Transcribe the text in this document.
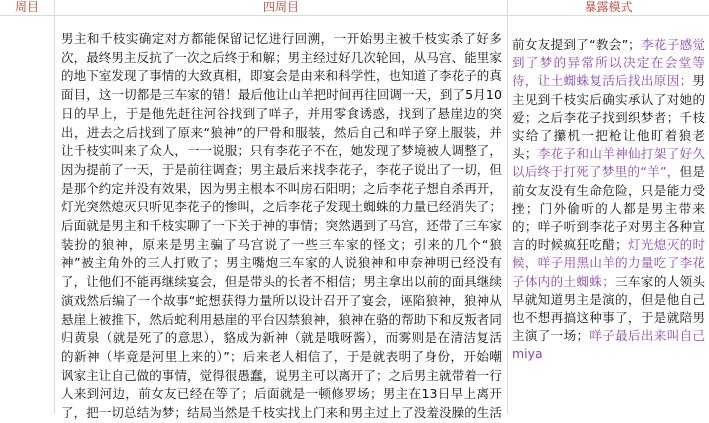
周目	四周目
男主和千枝实确定对方都能保留记忆进行回溯，一开始男主被千枝实杀了好多次，最终男主反抗了一次之后终于和解；男主经过好几次轮回，从马宫、能里家的地下室发现了事情的大致真相，即宴会是由来和科学性，也知道了李花子的真面目，这一切都是三车家的错！最后他让山羊把时间再往回调一天，到了5月10日的早上，于是他先赶往河谷找到了咩子，并用零食诱惑，找到了悬崖边的突出，进去之后找到了原来“狼神”的尸骨和服装，然后自己和咩子穿上服装，并让千枝实叫来了众人，一一说服；只有李花子不在，她发现了梦境被人调整了，因为提前了一天，于是前往调查；男主最后来找李花子，李花子说出了一切，但是那个约定并没有效果，因为男主根本不叫房石阳明；之后李花子想自杀再开，灯光突然熄灭只听见李花子的惨叫，之后李花子发现土蜘蛛的力量已经消失了；后面就是男主和千枝实聊了一下关于神的事情；突然遇到了马宫，还带了三车家装扮的狼神，原来是男主骗了马宫说了一些三车家的怪文；引来的几个“狼神”被主角外的三人打败了；男主嘴炮三车家的人说狼神和申奈神明已经没有了，让他们不能再继续宴会，但是带头的长者不相信；男主拿出以前的面具继续演戏然后编了一个故事“蛇想获得力量所以设计召开了宴会，诬陷狼神，狼神从悬崖上被推下，然后蛇利用悬崖的平台囚禁狼神，狼神在骆的帮助下和反叛者同归黄泉（就是死了的意思），貉成为新神（就是哦呀酱），而雾则是在清洁复活的新神（毕竟是河里上来的）”；后来老人相信了，于是就表明了身份，开始嘲讽家主让自己做的事情，觉得很愚蠢，说男主可以离开了；之后男主就带着一行人来到河边，前女友已经在等了；后面就是一顿修罗场；男主在13日早上离开了，把一切总结为梦；结局当然是千枝实找上门来和男主过上了没羞没臊的生活
暴露模式
前女友提到了“教会”；李花子感觉到了梦的异常所以决定在会堂等待，让土蜘蛛复活后找出原因；男主见到千枝实后确实承认了对她的爱；之后李花子找到织梦者；千枝实给了攥机一把枪让他盯着狼老头；李花子和山羊神仙打架了好久以后终于打死了梦里的“羊”，但是前女友没有生命危险，只是能力受挫；门外偷听的人都是男主带来的；咩子听到李花子对男主各种宣言的时候疯狂吃醋；灯光熄灭的时候，咩子用黑山羊的力量吃了李花子体内的土蜘蛛；三车家的人领头早就知道男主是演的，但是他自己也不想再搞这种事了，于是就陪男主演了一场；咩子最后出来叫自己miya
